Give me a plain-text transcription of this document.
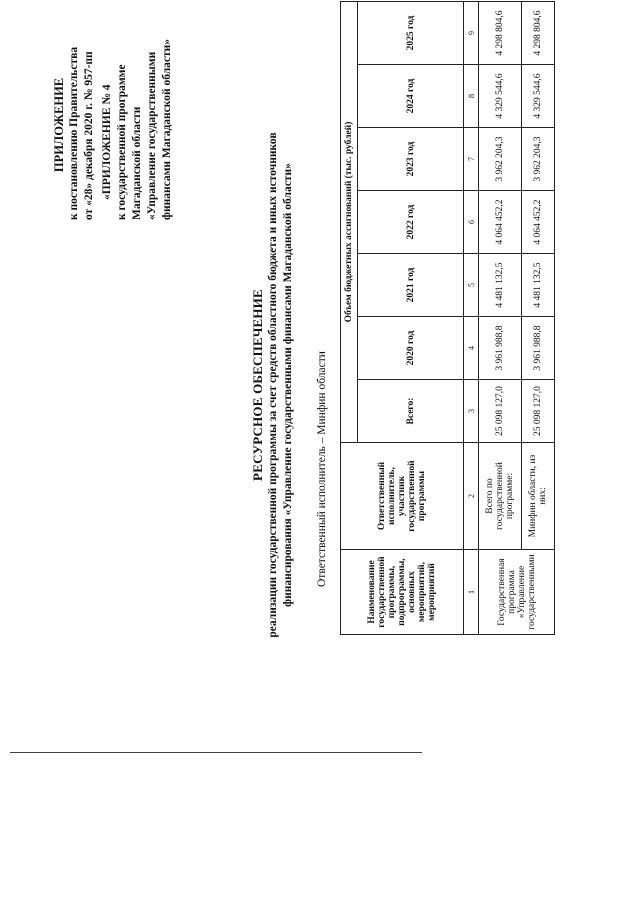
ПРИЛОЖЕНИЕ к постановлению Правительства от «28» декабря 2020 г. № 957-пп «ПРИЛОЖЕНИЕ № 4 к государственной программе Магаданской области «Управление государственными финансами Магаданской области»
РЕСУРСНОЕ ОБЕСПЕЧЕНИЕ реализации государственной программы за счет средств областного бюджета и иных источников финансирования «Управление государственными финансами Магаданской области» Ответственный исполнитель – Минфин области
Наименование государственной программы, подпрограммы, основных мероприятий, мероприятий	Ответственный исполнитель, участник государственной программы	Объем бюджетных ассигнований (тыс. рублей)						
		Всего:	2020 год	2021 год	2022 год	2023 год	2024 год	2025 год
1	2	3	4	5	6	7	8	9
Государственная программа «Управление государственными	Всего по государственной программе:	25 098 127,0	3 961 988,8	4 481 132,5	4 064 452,2	3 962 204,3	4 329 544,6	4 298 804,6
	Минфин области, из них:	25 098 127,0	3 961 988,8	4 481 132,5	4 064 452,2	3 962 204,3	4 329 544,6	4 298 804,6
